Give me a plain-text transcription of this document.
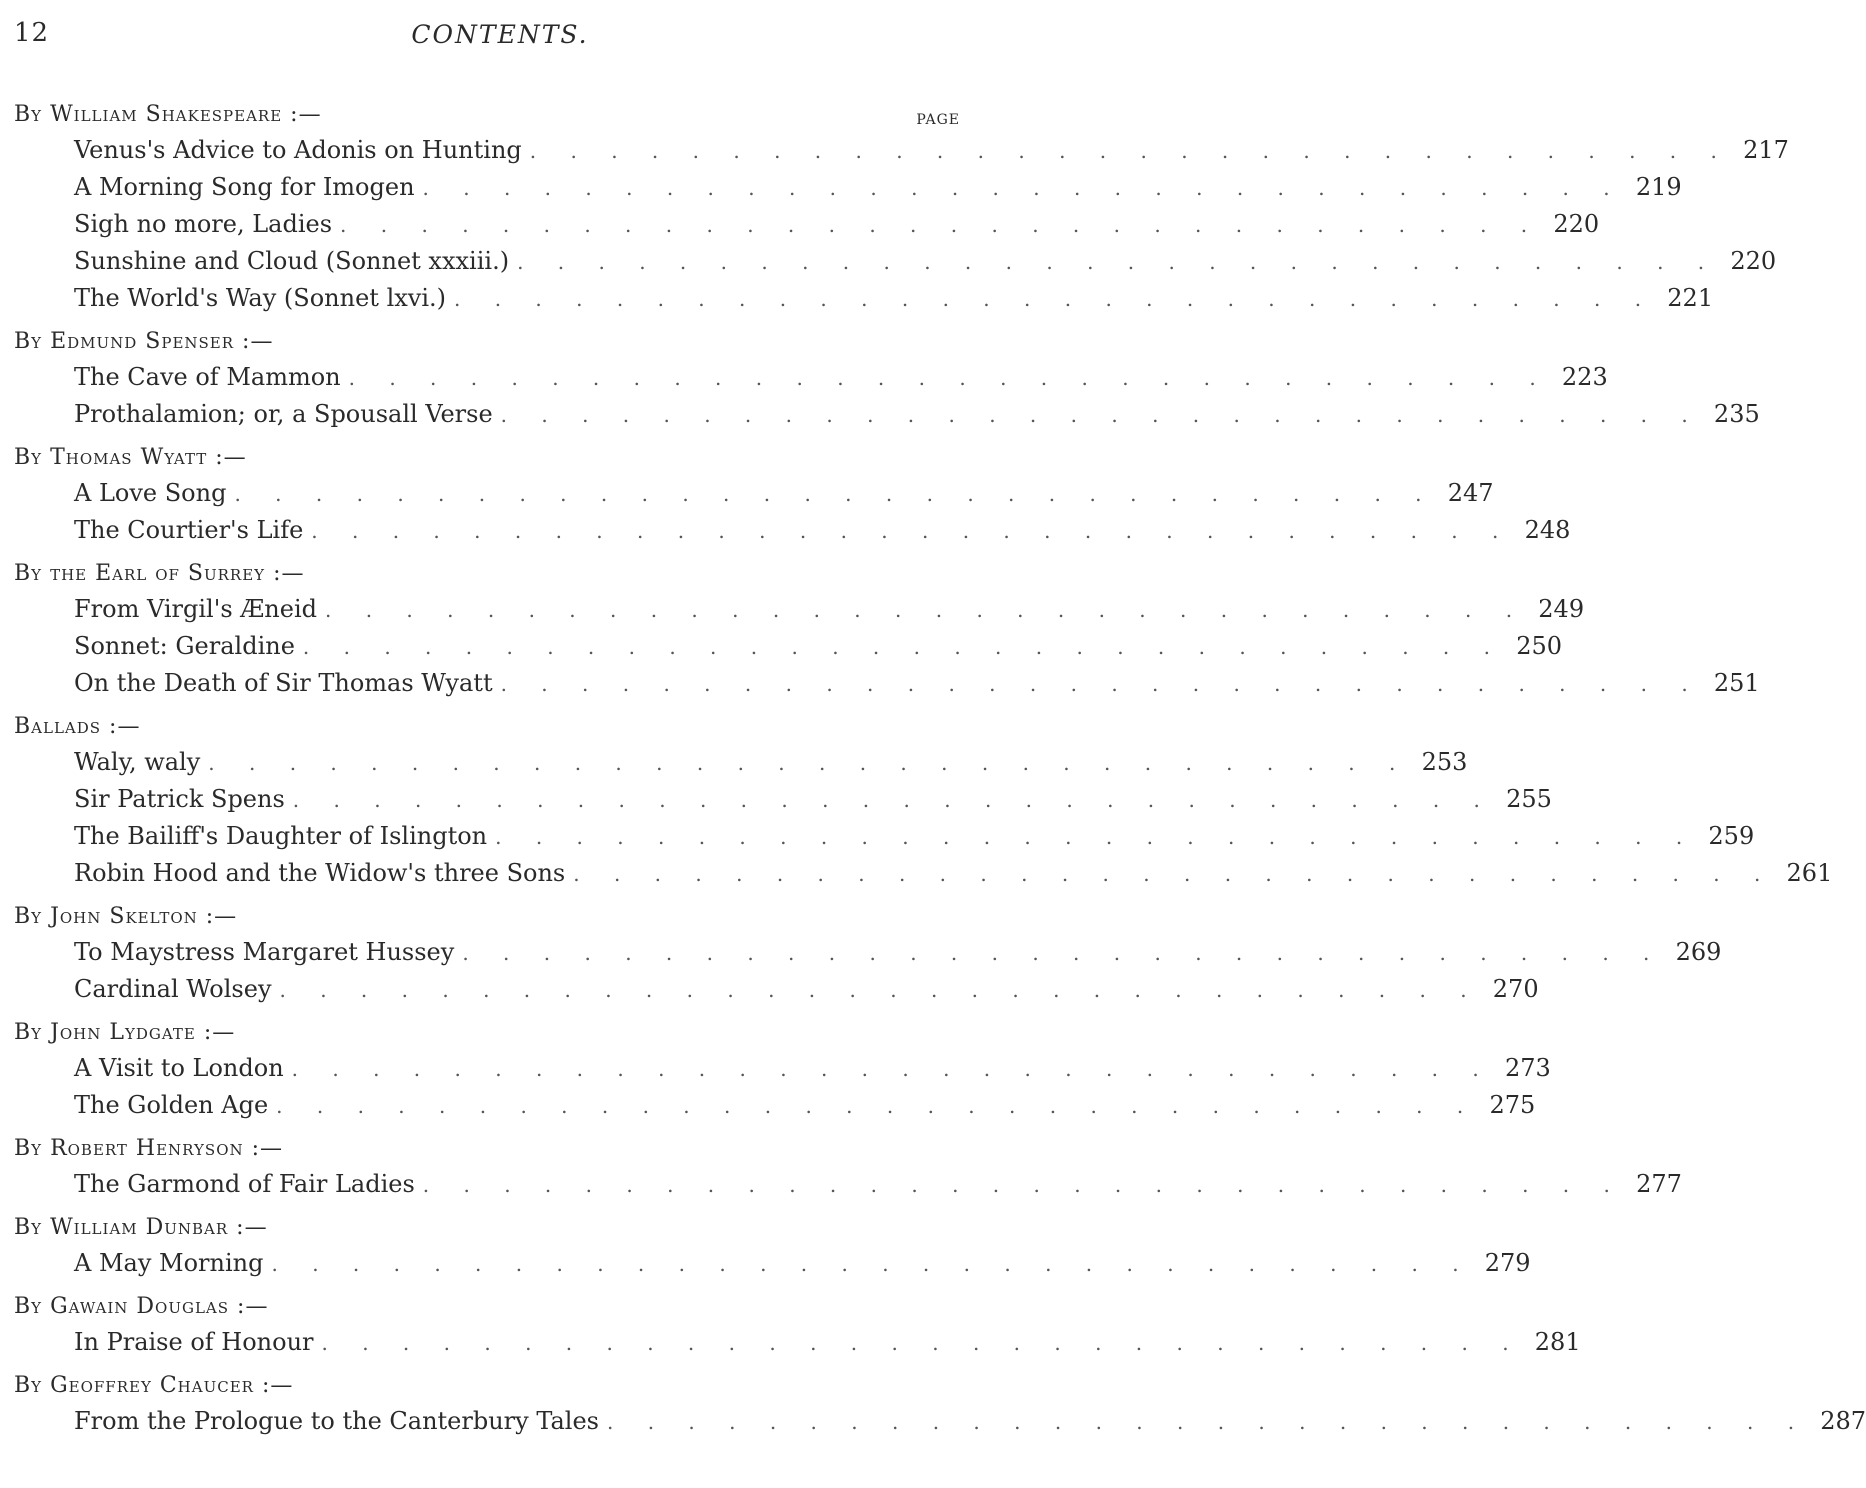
12	CONTENTS.
PAGE
By William Shakespeare :—
Venus's Advice to Adonis on Hunting . . . . . . . . . . . . . . . . . . . . . . . . . . . . . . 217
A Morning Song for Imogen . . . . . . . . . . . . . . . . . . . . . . . . . . . . . . 219
Sigh no more, Ladies . . . . . . . . . . . . . . . . . . . . . . . . . . . . . . 220
Sunshine and Cloud (Sonnet xxxiii.) . . . . . . . . . . . . . . . . . . . . . . . . . . . . . . 220
The World's Way (Sonnet lxvi.) . . . . . . . . . . . . . . . . . . . . . . . . . . . . . . 221
By Edmund Spenser :—
The Cave of Mammon . . . . . . . . . . . . . . . . . . . . . . . . . . . . . . 223
Prothalamion; or, a Spousall Verse . . . . . . . . . . . . . . . . . . . . . . . . . . . . . . 235
By Thomas Wyatt :—
A Love Song . . . . . . . . . . . . . . . . . . . . . . . . . . . . . . 247
The Courtier's Life . . . . . . . . . . . . . . . . . . . . . . . . . . . . . . 248
By the Earl of Surrey :—
From Virgil's Æneid . . . . . . . . . . . . . . . . . . . . . . . . . . . . . . 249
Sonnet: Geraldine . . . . . . . . . . . . . . . . . . . . . . . . . . . . . . 250
On the Death of Sir Thomas Wyatt . . . . . . . . . . . . . . . . . . . . . . . . . . . . . . 251
Ballads :—
Waly, waly . . . . . . . . . . . . . . . . . . . . . . . . . . . . . . 253
Sir Patrick Spens . . . . . . . . . . . . . . . . . . . . . . . . . . . . . . 255
The Bailiff's Daughter of Islington . . . . . . . . . . . . . . . . . . . . . . . . . . . . . . 259
Robin Hood and the Widow's three Sons . . . . . . . . . . . . . . . . . . . . . . . . . . . . . . 261
By John Skelton :—
To Maystress Margaret Hussey . . . . . . . . . . . . . . . . . . . . . . . . . . . . . . 269
Cardinal Wolsey . . . . . . . . . . . . . . . . . . . . . . . . . . . . . . 270
By John Lydgate :—
A Visit to London . . . . . . . . . . . . . . . . . . . . . . . . . . . . . . 273
The Golden Age . . . . . . . . . . . . . . . . . . . . . . . . . . . . . . 275
By Robert Henryson :—
The Garmond of Fair Ladies . . . . . . . . . . . . . . . . . . . . . . . . . . . . . . 277
By William Dunbar :—
A May Morning . . . . . . . . . . . . . . . . . . . . . . . . . . . . . . 279
By Gawain Douglas :—
In Praise of Honour . . . . . . . . . . . . . . . . . . . . . . . . . . . . . . 281
By Geoffrey Chaucer :—
From the Prologue to the Canterbury Tales . . . . . . . . . . . . . . . . . . . . . . . . . . . . . . 287
